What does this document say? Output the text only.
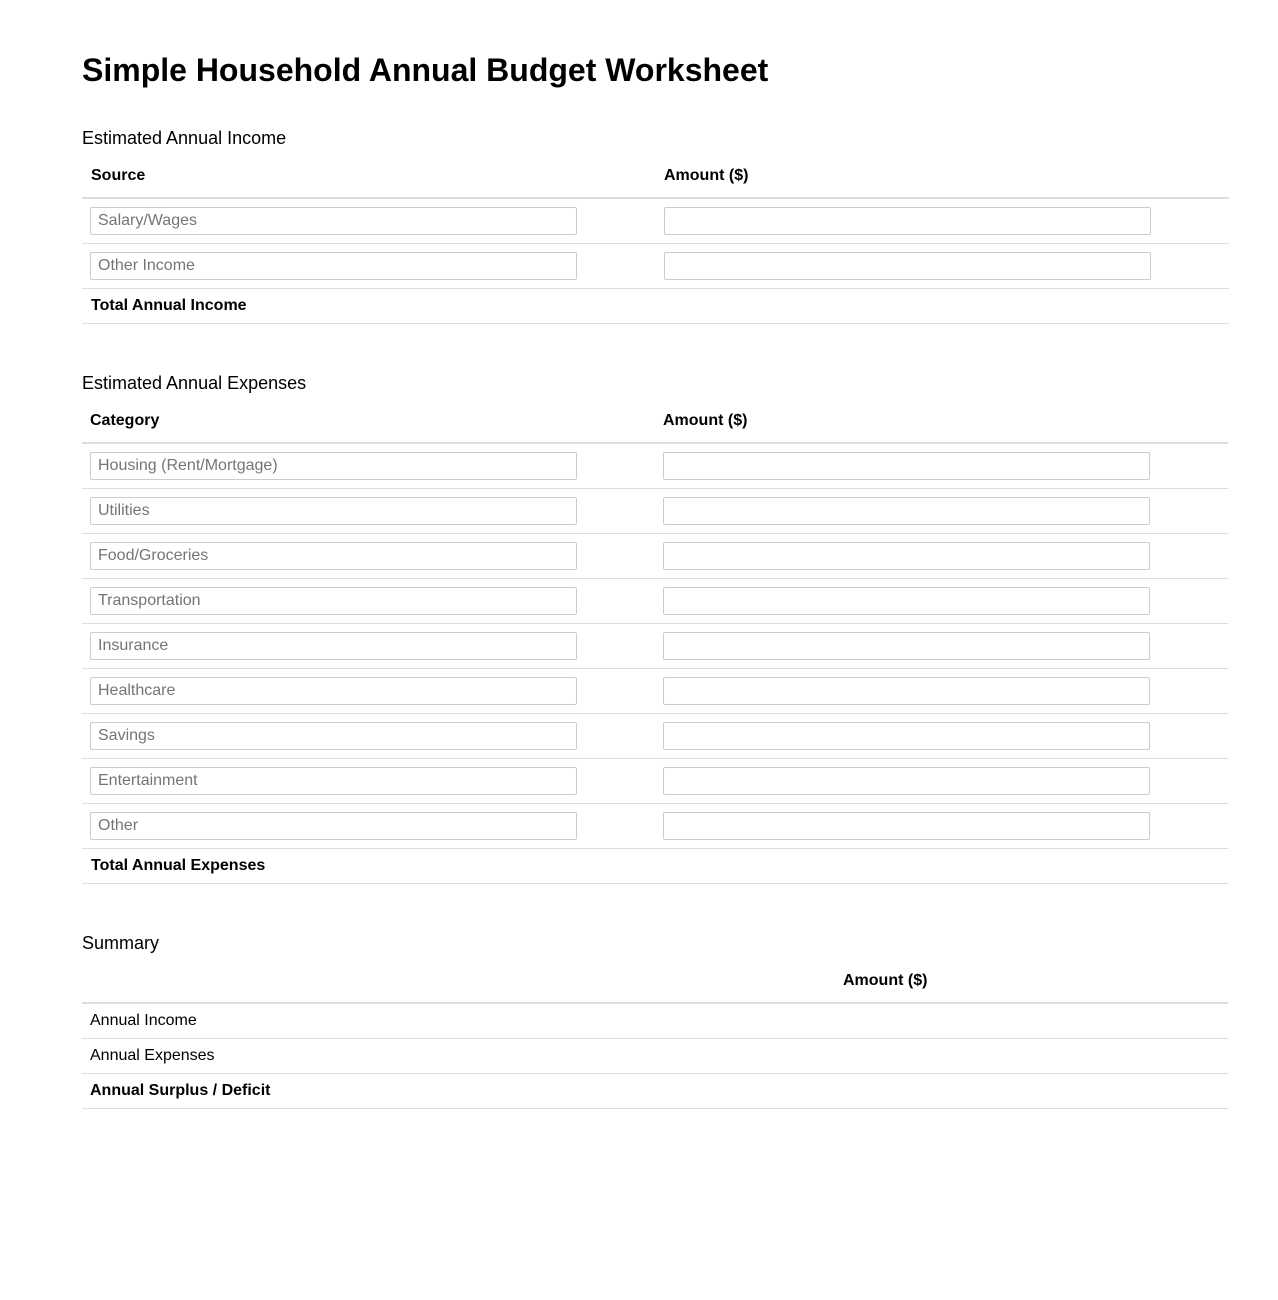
Simple Household Annual Budget Worksheet
Estimated Annual Income
Source	Amount ($)
Salary/Wages	
Other Income	
Total Annual Income	
Estimated Annual Expenses
Category	Amount ($)
Housing (Rent/Mortgage)	
Utilities	
Food/Groceries	
Transportation	
Insurance	
Healthcare	
Savings	
Entertainment	
Other	
Total Annual Expenses	
Summary
	Amount ($)
Annual Income	
Annual Expenses	
Annual Surplus / Deficit	
